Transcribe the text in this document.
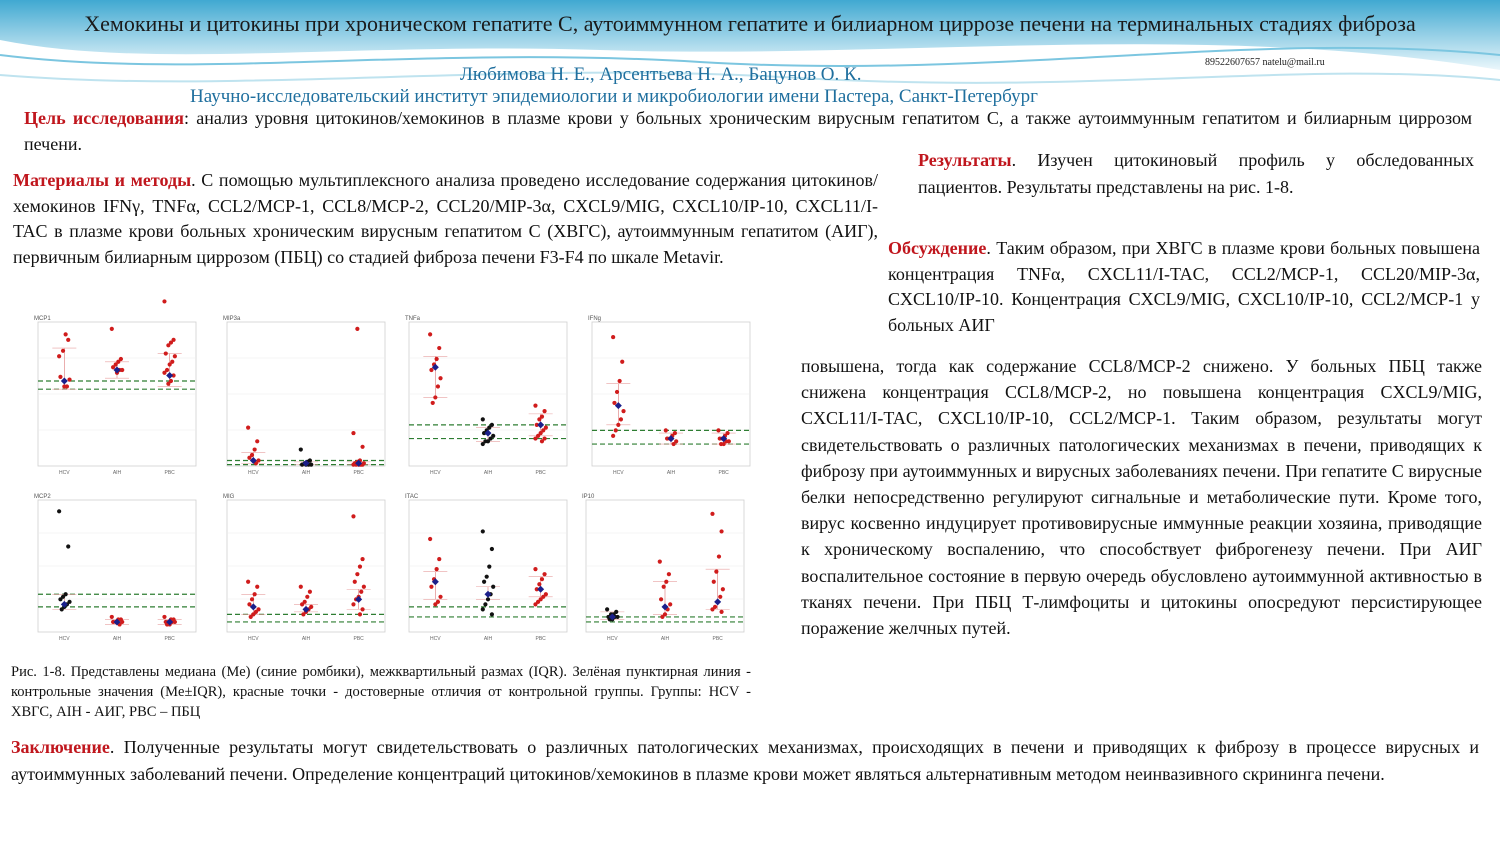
Хемокины и цитокины при хроническом гепатите С, аутоиммунном гепатите и билиарном циррозе печени на терминальных стадиях фиброза
89522607657 natelu@mail.ru
Любимова Н. Е., Арсентьева Н. А., Бацунов О. К.
Научно-исследовательский институт эпидемиологии и микробиологии имени Пастера, Санкт-Петербург
Цель исследования: анализ уровня цитокинов/хемокинов в плазме крови у больных хроническим вирусным гепатитом С, а также аутоиммунным гепатитом и билиарным циррозом печени.
Материалы и методы. С помощью мультиплексного анализа проведено исследование содержания цитокинов/хемокинов IFNγ, TNFα, CCL2/MCP-1, CCL8/MCP-2, CCL20/MIP-3α, CXCL9/MIG, CXCL10/IP-10, CXCL11/I-TAC в плазме крови больных хроническим вирусным гепатитом С (ХВГС), аутоиммунным гепатитом (АИГ), первичным билиарным циррозом (ПБЦ) со стадией фиброза печени F3-F4 по шкале Metavir.
Результаты. Изучен цитокиновый профиль у обследованных пациентов. Результаты представлены на рис. 1-8.
Обсуждение. Таким образом, при ХВГС в плазме крови больных повышена концентрация TNFα, CXCL11/I-TAC, CCL2/MCP-1, CCL20/MIP-3α, CXCL10/IP-10. Концентрация CXCL9/MIG, CXCL10/IP-10, CCL2/MCP-1 у больных АИГ
повышена, тогда как содержание CCL8/MCP-2 снижено. У больных ПБЦ также снижена концентрация CCL8/MCP-2, но повышена концентрация CXCL9/MIG, CXCL11/I-TAC, CXCL10/IP-10, CCL2/MCP-1. Таким образом, результаты могут свидетельствовать о различных патологических механизмах в печени, приводящих к фиброзу при аутоиммунных и вирусных заболеваниях печени. При гепатите С вирусные белки непосредственно регулируют сигнальные и метаболические пути. Кроме того, вирус косвенно индуцирует противовирусные иммунные реакции хозяина, приводящие к хроническому воспалению, что способствует фиброгенезу печени. При АИГ воспалительное состояние в первую очередь обусловлено аутоиммунной активностью в тканях печени. При ПБЦ Т-лимфоциты и цитокины опосредуют персистирующее поражение желчных путей.
MCP1
HCV	AIH	PBC
MIP3a
HCV	AIH	PBC
TNFa
HCV	AIH	PBC
IFNg
HCV	AIH	PBC
MCP2
HCV	AIH	PBC
MIG
HCV	AIH	PBC
ITAC
HCV	AIH	PBC
IP10
HCV	AIH	PBC
Рис. 1-8. Представлены медиана (Me) (синие ромбики), межквартильный размах (IQR). Зелёная пунктирная линия - контрольные значения (Me±IQR), красные точки - достоверные отличия от контрольной группы. Группы: HCV - ХВГС, AIH - АИГ, PBC – ПБЦ
Заключение. Полученные результаты могут свидетельствовать о различных патологических механизмах, происходящих в печени и приводящих к фиброзу в процессе вирусных и аутоиммунных заболеваний печени. Определение концентраций цитокинов/хемокинов в плазме крови может являться альтернативным методом неинвазивного скрининга печени.
